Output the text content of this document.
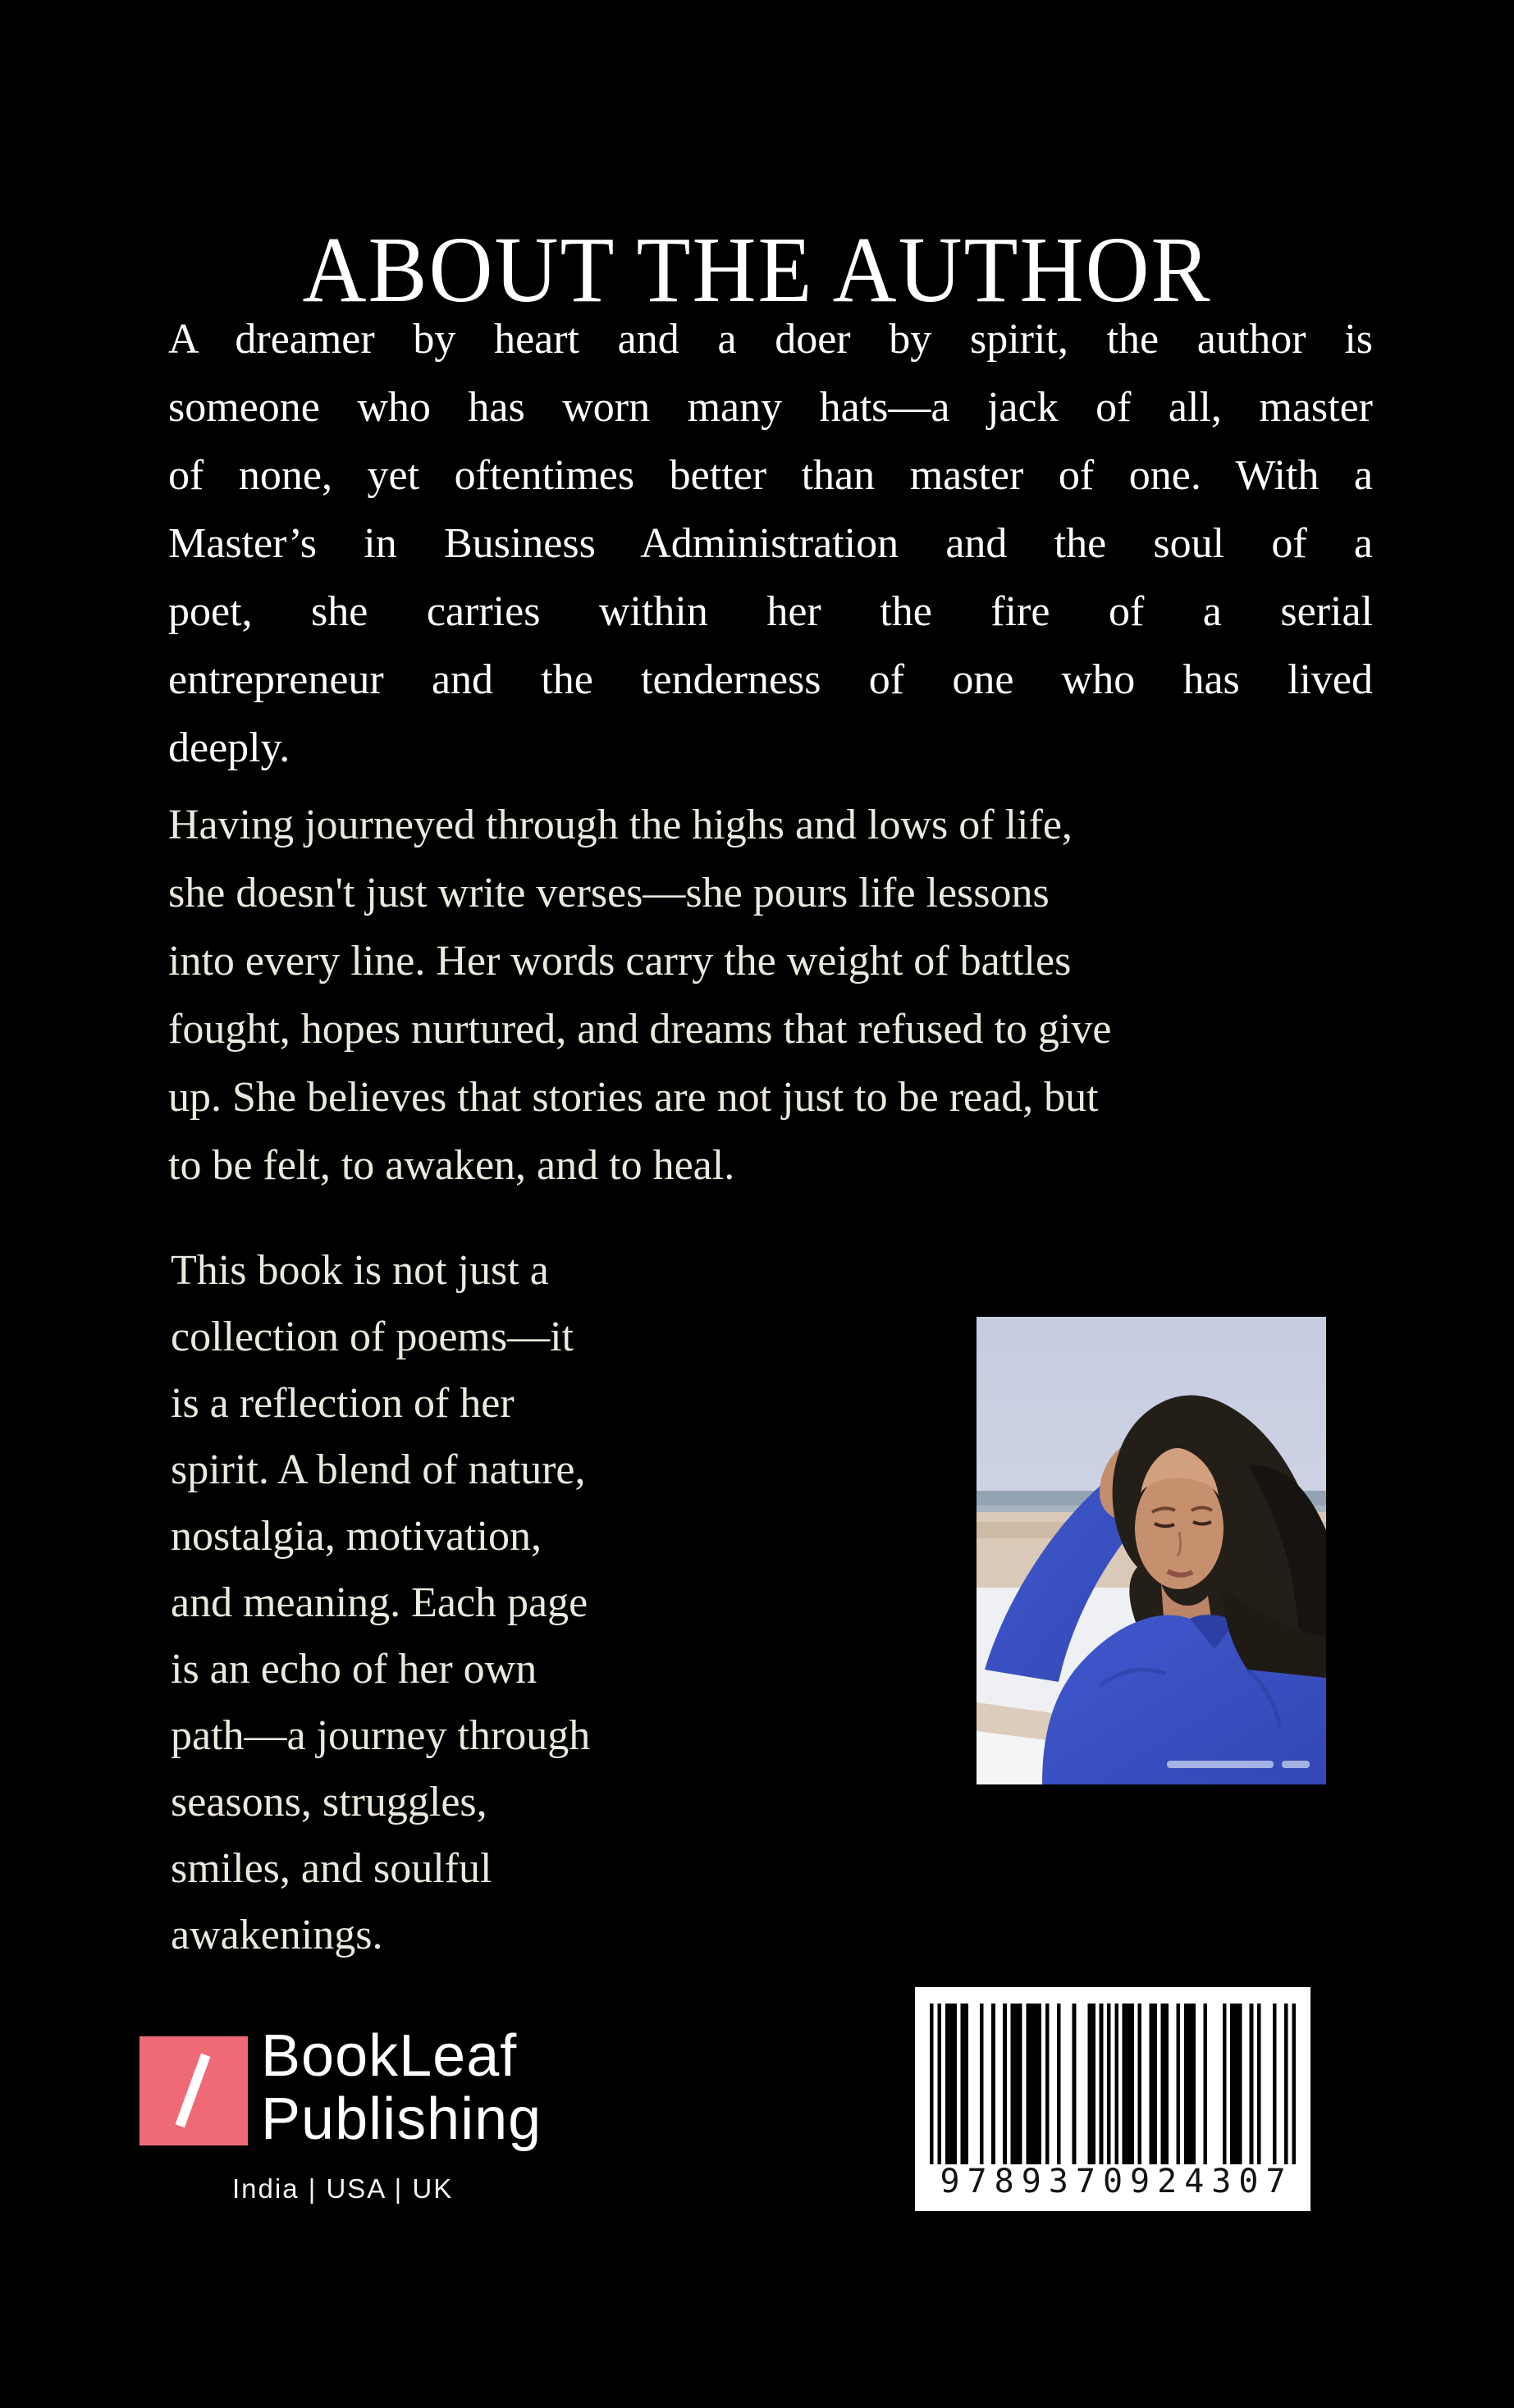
ABOUT THE AUTHOR
A dreamer by heart and a doer by spirit, the author is
someone who has worn many hats—a jack of all, master
of none, yet oftentimes better than master of one. With a
Master’s in Business Administration and the soul of a
poet, she carries within her the fire of a serial
entrepreneur and the tenderness of one who has lived
deeply.
Having journeyed through the highs and lows of life,
she doesn't just write verses—she pours life lessons
into every line. Her words carry the weight of battles
fought, hopes nurtured, and dreams that refused to give
up. She believes that stories are not just to be read, but
to be felt, to awaken, and to heal.
This book is not just a
collection of poems—it
is a reflection of her
spirit. A blend of nature,
nostalgia, motivation,
and meaning. Each page
is an echo of her own
path—a journey through
seasons, struggles,
smiles, and soulful
awakenings.
BookLeaf
Publishing
India | USA | UK	9789370924307
